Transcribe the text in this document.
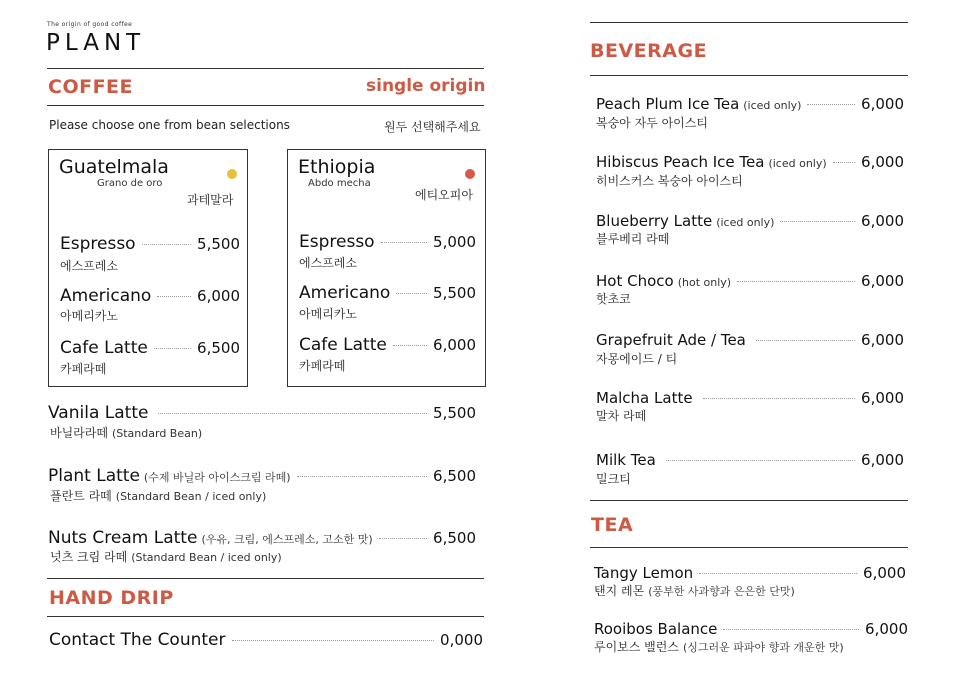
The origin of good coffee
PLANT
COFFEE	single origin
Please choose one from bean selections	원두 선택해주세요
Guatelmala
Grano de oro
과테말라
Espresso	5,500
에스프레소
Americano	6,000
아메리카노
Cafe Latte	6,500
카페라떼
Ethiopia
Abdo mecha
에티오피아
Espresso	5,000
에스프레소
Americano	5,500
아메리카노
Cafe Latte	6,000
카페라떼
Vanila Latte	5,500
바닐라라떼 (Standard Bean)
Plant Latte (수제 바닐라 아이스크림 라떼)	6,500
플란트 라떼 (Standard Bean / iced only)
Nuts Cream Latte (우유, 크림, 에스프레소, 고소한 맛)	6,500
넛츠 크림 라떼 (Standard Bean / iced only)
HAND DRIP
Contact The Counter	0,000
BEVERAGE
Peach Plum Ice Tea (iced only)	6,000
복숭아 자두 아이스티
Hibiscus Peach Ice Tea (iced only) 6,000
히비스커스 복숭아 아이스티
Blueberry Latte (iced only)	6,000
블루베리 라떼
Hot Choco (hot only)	6,000
핫초코
Grapefruit Ade / Tea	6,000
자몽에이드 / 티
Malcha Latte	6,000
말차 라떼
Milk Tea	6,000
밀크티
TEA
Tangy Lemon	6,000
탠지 레몬 (풍부한 사과향과 은은한 단맛)
Rooibos Balance	6,000
루이보스 밸런스 (싱그러운 파파야 향과 개운한 맛)
